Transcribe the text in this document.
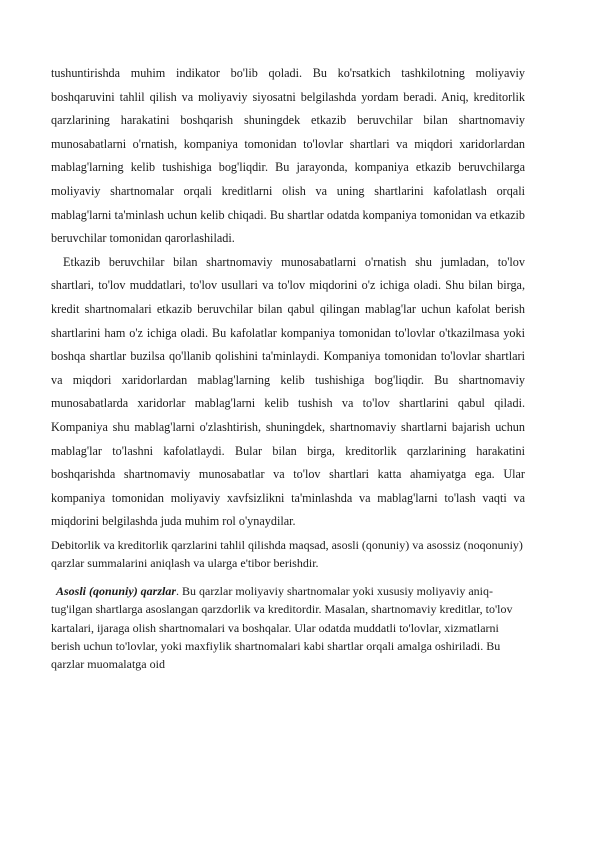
tushuntirishda muhim indikator bo'lib qoladi. Bu ko'rsatkich tashkilotning moliyaviy boshqaruvini tahlil qilish va moliyaviy siyosatni belgilashda yordam beradi. Aniq, kreditorlik qarzlarining harakatini boshqarish shuningdek etkazib beruvchilar bilan shartnomaviy munosabatlarni o'rnatish, kompaniya tomonidan to'lovlar shartlari va miqdori xaridorlardan mablag'larning kelib tushishiga bog'liqdir. Bu jarayonda, kompaniya etkazib beruvchilarga moliyaviy shartnomalar orqali kreditlarni olish va uning shartlarini kafolatlash orqali mablag'larni ta'minlash uchun kelib chiqadi. Bu shartlar odatda kompaniya tomonidan va etkazib beruvchilar tomonidan qarorlashiladi.

Etkazib beruvchilar bilan shartnomaviy munosabatlarni o'rnatish shu jumladan, to'lov shartlari, to'lov muddatlari, to'lov usullari va to'lov miqdorini o'z ichiga oladi. Shu bilan birga, kredit shartnomalari etkazib beruvchilar bilan qabul qilingan mablag'lar uchun kafolat berish shartlarini ham o'z ichiga oladi. Bu kafolatlar kompaniya tomonidan to'lovlar o'tkazilmasa yoki boshqa shartlar buzilsa qo'llanib qolishini ta'minlaydi. Kompaniya tomonidan to'lovlar shartlari va miqdori xaridorlardan mablag'larning kelib tushishiga bog'liqdir. Bu shartnomaviy munosabatlarda xaridorlar mablag'larni kelib tushish va to'lov shartlarini qabul qiladi. Kompaniya shu mablag'larni o'zlashtirish, shuningdek, shartnomaviy shartlarni bajarish uchun mablag'lar to'lashni kafolatlaydi. Bular bilan birga, kreditorlik qarzlarining harakatini boshqarishda shartnomaviy munosabatlar va to'lov shartlari katta ahamiyatga ega. Ular kompaniya tomonidan moliyaviy xavfsizlikni ta'minlashda va mablag'larni to'lash vaqti va miqdorini belgilashda juda muhim rol o'ynaydilar.

Debitorlik va kreditorlik qarzlarini tahlil qilishda maqsad, asosli (qonuniy) va asossiz (noqonuniy) qarzlar summalarini aniqlash va ularga e'tibor berishdir.

Asosli (qonuniy) qarzlar. Bu qarzlar moliyaviy shartnomalar yoki xususiy moliyaviy aniq-tug'ilgan shartlarga asoslangan qarzdorlik va kreditordir. Masalan, shartnomaviy kreditlar, to'lov kartalari, ijaraga olish shartnomalari va boshqalar. Ular odatda muddatli to'lovlar, xizmatlarni berish uchun to'lovlar, yoki maxfiylik shartnomalari kabi shartlar orqali amalga oshiriladi. Bu qarzlar muomalatga oid
